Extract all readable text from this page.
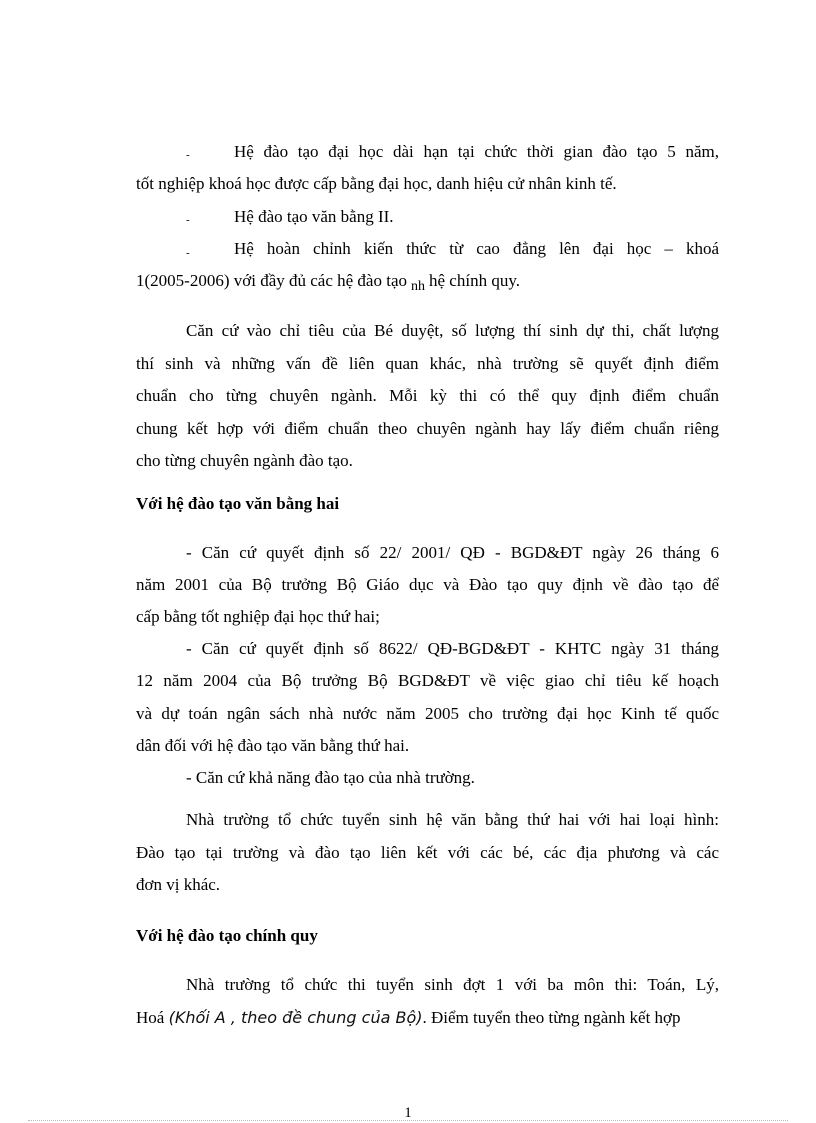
-	Hệ đào tạo đại học dài hạn tại chức thời gian đào tạo 5 năm,
tốt nghiệp khoá học được cấp bằng đại học, danh hiệu cử nhân kinh tế.
-	Hệ đào tạo văn bằng II.
-	Hệ hoàn chỉnh kiến thức từ cao đẳng lên đại học – khoá
1(2005-2006) với đầy đủ các hệ đào tạo $_{nh}$ hệ chính quy.
Căn cứ vào chỉ tiêu của Bé duyệt, số lượng thí sinh dự thi, chất lượng
thí sinh và những vấn đề liên quan khác, nhà trường sẽ quyết định điểm
chuẩn cho từng chuyên ngành. Mỗi kỳ thi có thể quy định điểm chuẩn
chung kết hợp với điểm chuẩn theo chuyên ngành hay lấy điểm chuẩn riêng
cho từng chuyên ngành đào tạo.
Với hệ đào tạo văn bằng hai
- Căn cứ quyết định số 22/ 2001/ QĐ - BGD&ĐT ngày 26 tháng 6
năm 2001 của Bộ trưởng Bộ Giáo dục và Đào tạo quy định về đào tạo để
cấp bằng tốt nghiệp đại học thứ hai;
- Căn cứ quyết định số 8622/ QĐ-BGD&ĐT - KHTC ngày 31 tháng
12 năm 2004 của Bộ trưởng Bộ BGD&ĐT về việc giao chỉ tiêu kế hoạch
và dự toán ngân sách nhà nước năm 2005 cho trường đại học Kinh tế quốc
dân đối với hệ đào tạo văn bằng thứ hai.
- Căn cứ khả năng đào tạo của nhà trường.
Nhà trường tổ chức tuyển sinh hệ văn bằng thứ hai với hai loại hình:
Đào tạo tại trường và đào tạo liên kết với các bé, các địa phương và các
đơn vị khác.
Với hệ đào tạo chính quy
Nhà trường tổ chức thi tuyển sinh đợt 1 với ba môn thi: Toán, Lý,
Hoá (Khối A , theo đề chung của Bộ). Điểm tuyển theo từng ngành kết hợp
1
